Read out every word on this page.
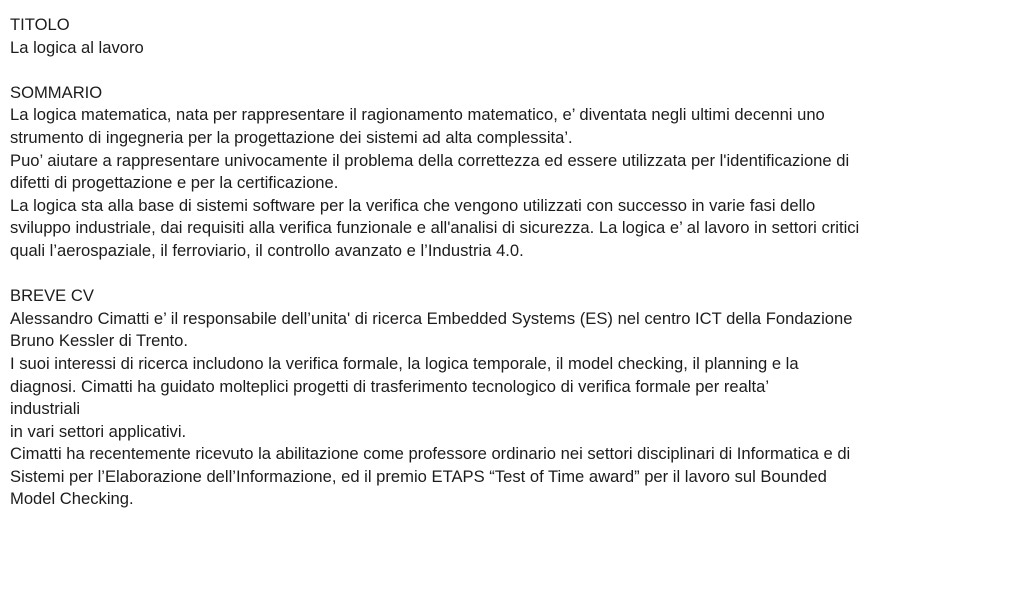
TITOLO
La logica al lavoro
SOMMARIO
La logica matematica, nata per rappresentare il ragionamento matematico, e’ diventata negli ultimi decenni uno
strumento di ingegneria per la progettazione dei sistemi ad alta complessita’.
Puo’ aiutare a rappresentare univocamente il problema della correttezza ed essere utilizzata per l'identificazione di
difetti di progettazione e per la certificazione.
La logica sta alla base di sistemi software per la verifica che vengono utilizzati con successo in varie fasi dello
sviluppo industriale, dai requisiti alla verifica funzionale e all'analisi di sicurezza. La logica e’ al lavoro in settori critici
quali l’aerospaziale, il ferroviario, il controllo avanzato e l’Industria 4.0.
BREVE CV
Alessandro Cimatti e’ il responsabile dell’unita' di ricerca Embedded Systems (ES) nel centro ICT della Fondazione
Bruno Kessler di Trento.
I suoi interessi di ricerca includono la verifica formale, la logica temporale, il model checking, il planning e la
diagnosi. Cimatti ha guidato molteplici progetti di trasferimento tecnologico di verifica formale per realta’
industriali
in vari settori applicativi.
Cimatti ha recentemente ricevuto la abilitazione come professore ordinario nei settori disciplinari di Informatica e di
Sistemi per l’Elaborazione dell’Informazione, ed il premio ETAPS “Test of Time award” per il lavoro sul Bounded
Model Checking.
